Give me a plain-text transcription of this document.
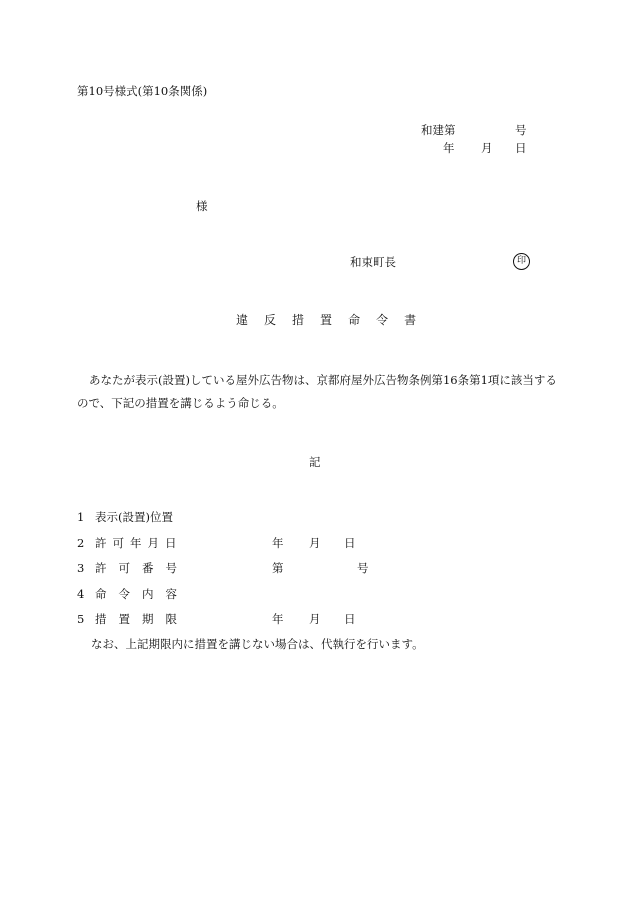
第10号様式(第10条関係)
和建第	号
年 月 日
様
和束町長	印
違 反 措 置 命 令 書
あなたが表示(設置)している屋外広告物は、京都府屋外広告物条例第16条第1項に該当するので、下記の措置を講じるよう命じる。
記
1 表示(設置)位置
2 許 可 年 月 日	年 月 日
3 許 可 番 号	第	号
4 命 令 内 容
5 措 置 期 限	年 月 日
なお、上記期限内に措置を講じない場合は、代執行を行います。
